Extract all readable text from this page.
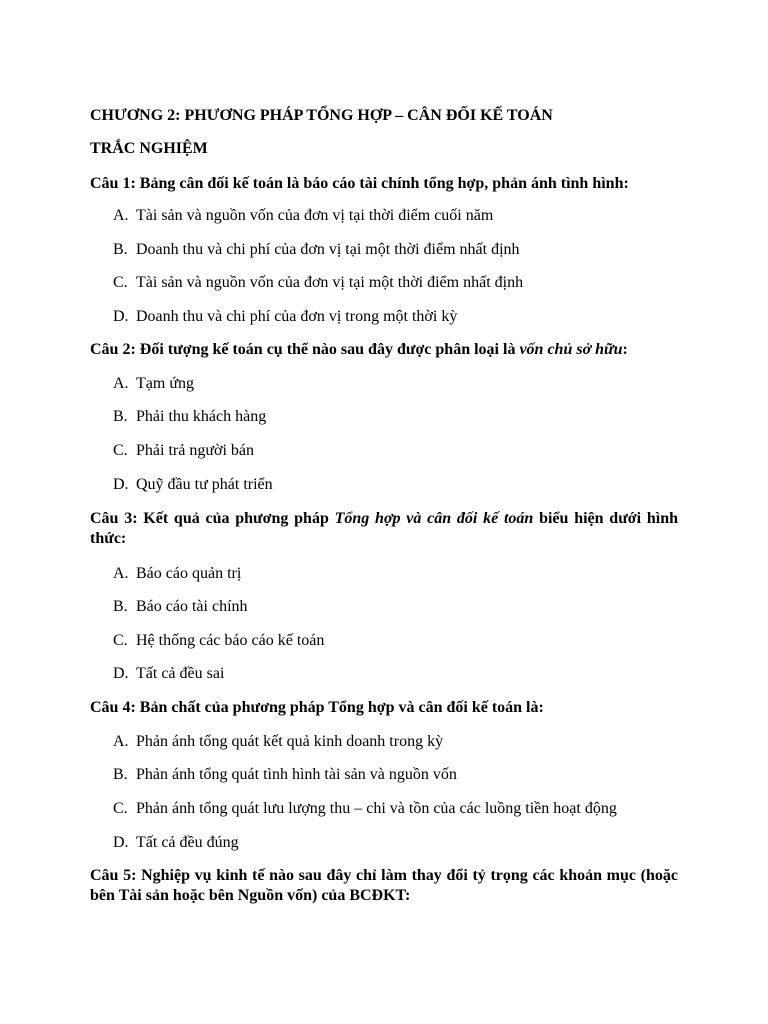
CHƯƠNG 2: PHƯƠNG PHÁP TỔNG HỢP – CÂN ĐỐI KẾ TOÁN
TRẮC NGHIỆM
Câu 1: Bảng cân đối kế toán là báo cáo tài chính tổng hợp, phản ánh tình hình:
A. Tài sản và nguồn vốn của đơn vị tại thời điểm cuối năm
B. Doanh thu và chi phí của đơn vị tại một thời điểm nhất định
C. Tài sản và nguồn vốn của đơn vị tại một thời điểm nhất định
D. Doanh thu và chi phí của đơn vị trong một thời kỳ
Câu 2: Đối tượng kế toán cụ thể nào sau đây được phân loại là vốn chủ sở hữu:
A. Tạm ứng
B. Phải thu khách hàng
C. Phải trả người bán
D. Quỹ đầu tư phát triển
Câu 3: Kết quả của phương pháp Tổng hợp và cân đối kế toán biểu hiện dưới hình thức:
A. Báo cáo quản trị
B. Báo cáo tài chính
C. Hệ thống các báo cáo kế toán
D. Tất cả đều sai
Câu 4: Bản chất của phương pháp Tổng hợp và cân đối kế toán là:
A. Phản ánh tổng quát kết quả kinh doanh trong kỳ
B. Phản ánh tổng quát tình hình tài sản và nguồn vốn
C. Phản ánh tổng quát lưu lượng thu – chi và tồn của các luồng tiền hoạt động
D. Tất cả đều đúng
Câu 5: Nghiệp vụ kinh tế nào sau đây chỉ làm thay đổi tỷ trọng các khoản mục (hoặc bên Tài sản hoặc bên Nguồn vốn) của BCĐKT:
